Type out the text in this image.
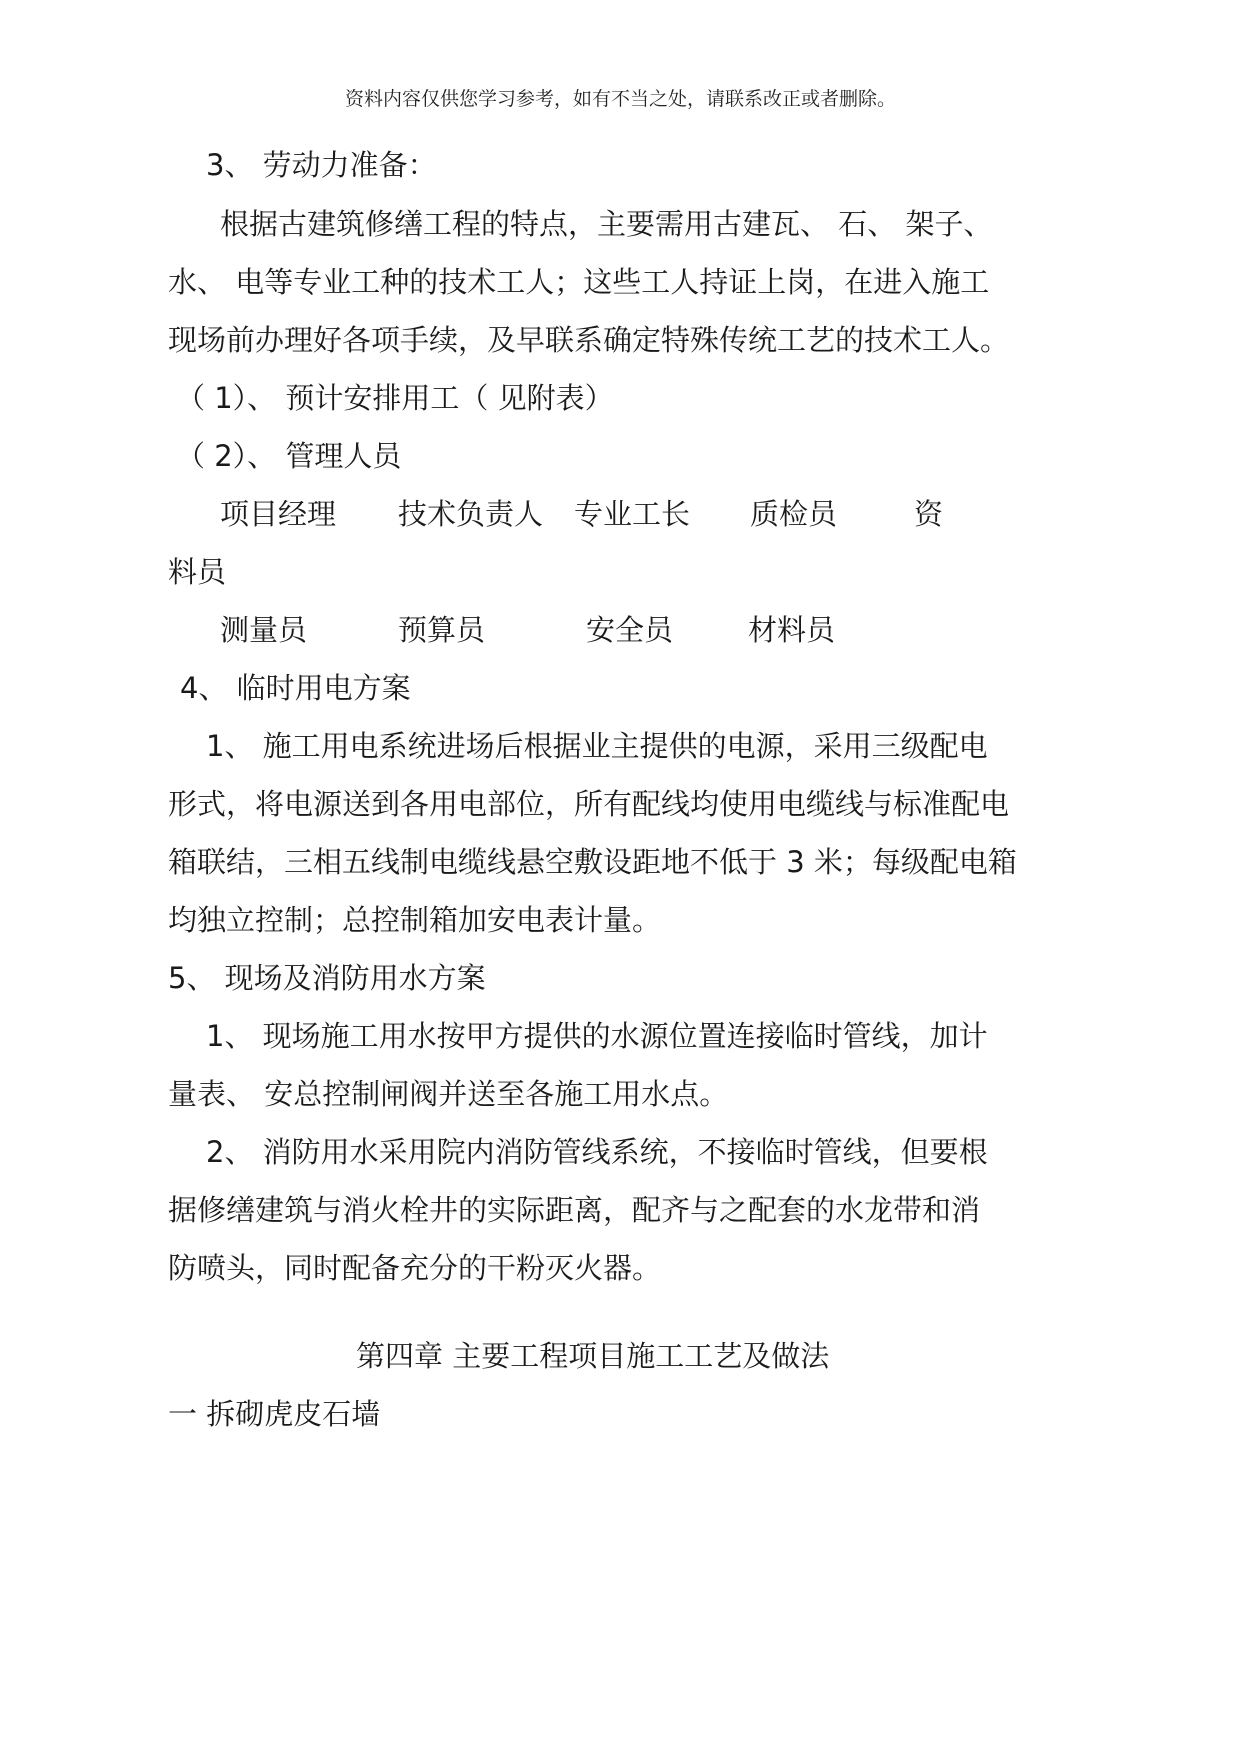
资料内容仅供您学习参考，如有不当之处，请联系改正或者删除。
3、 劳动力准备：
根据古建筑修缮工程的特点，主要需用古建瓦、 石、 架子、
水、 电等专业工种的技术工人；这些工人持证上岗，在进入施工
现场前办理好各项手续，及早联系确定特殊传统工艺的技术工人。
（ 1）、 预计安排用工（ 见附表）
（ 2）、 管理人员
项目经理 技术负责人 专业工长 质检员	资
料员
测量员	预算员	安全员	材料员
4、 临时用电方案
1、 施工用电系统进场后根据业主提供的电源，采用三级配电
形式，将电源送到各用电部位，所有配线均使用电缆线与标准配电
箱联结，三相五线制电缆线悬空敷设距地不低于 3 米；每级配电箱
均独立控制；总控制箱加安电表计量。
5、 现场及消防用水方案
1、 现场施工用水按甲方提供的水源位置连接临时管线，加计
量表、 安总控制闸阀并送至各施工用水点。
2、 消防用水采用院内消防管线系统，不接临时管线，但要根
据修缮建筑与消火栓井的实际距离，配齐与之配套的水龙带和消
防喷头，同时配备充分的干粉灭火器。
第四章 主要工程项目施工工艺及做法
一 拆砌虎皮石墙
